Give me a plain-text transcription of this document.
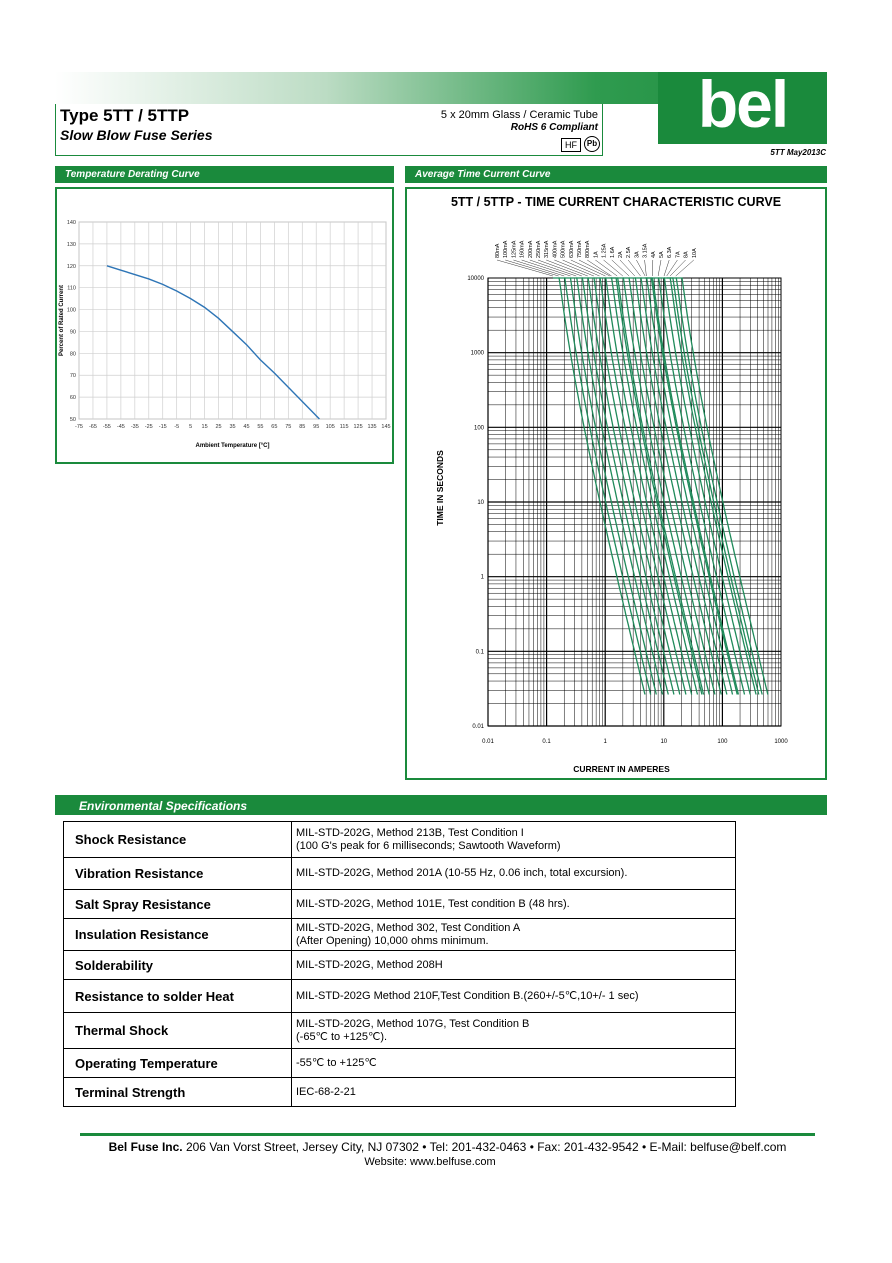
bel
Type 5TT / 5TTP
Slow Blow Fuse Series
5 x 20mm Glass / Ceramic Tube
RoHS 6 Compliant
HF	Pb
5TT May2013C
Temperature Derating Curve	Average Time Current Curve
-75 -65 -55 -45 -35 -25 -15 -5 5 15 25 35 45 55 65 75 85 95 105 115 125 135 145
50
60
70
80
90
100
110
120
130
140
Ambient Temperature [°C]
Percent of Rated Current
5TT / 5TTP - TIME CURRENT CHARACTERISTIC CURVE
0.01	0.1	1	10	100	1000
10000
1000
100
10
1
0.1
0.01
CURRENT IN AMPERES
TIME IN SECONDS
80mA 100mA 125mA 160mA 200mA 250mA 315mA 400mA 500mA 630mA 750mA 800mA 1A 1.25A 1.6A 2A 2.5A 3A 3.15A 4A 5A 6.3A 7A 8A 10A
Environmental Specifications
Shock Resistance	MIL-STD-202G, Method 213B, Test Condition I
(100 G's peak for 6 milliseconds; Sawtooth Waveform)

Vibration Resistance	MIL-STD-202G, Method 201A (10-55 Hz, 0.06 inch, total excursion).

Salt Spray Resistance	MIL-STD-202G, Method 101E, Test condition B (48 hrs).

Insulation Resistance	MIL-STD-202G, Method 302, Test Condition A
(After Opening) 10,000 ohms minimum.

Solderability	MIL-STD-202G, Method 208H

Resistance to solder Heat	MIL-STD-202G Method 210F,Test Condition B.(260+/-5℃,10+/- 1 sec)

Thermal Shock	MIL-STD-202G, Method 107G, Test Condition B
(-65℃ to +125℃).

Operating Temperature	-55℃ to +125℃

Terminal Strength	IEC-68-2-21
Bel Fuse Inc. 206 Van Vorst Street, Jersey City, NJ 07302 • Tel: 201-432-0463 • Fax: 201-432-9542 • E-Mail: belfuse@belf.com
Website: www.belfuse.com
